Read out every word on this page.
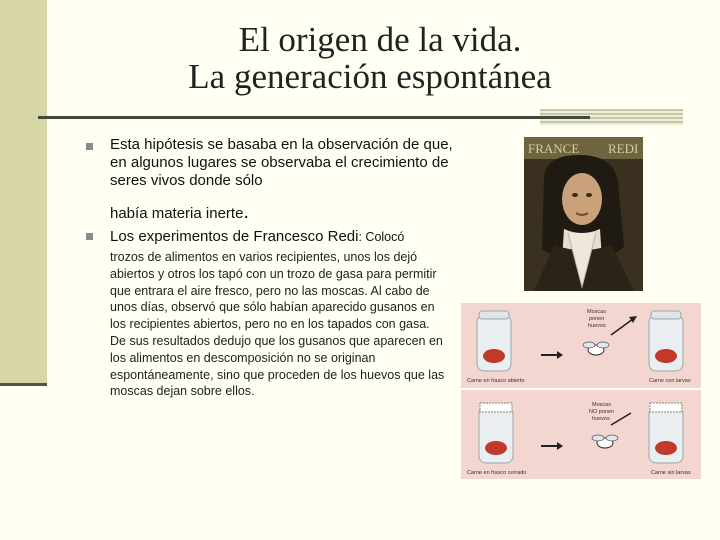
El origen de la vida.
La generación espontánea
Esta hipótesis se basaba en la observación de que, en algunos lugares se observaba el crecimiento de seres vivos donde sólo
había materia inerte.
Los experimentos de Francesco Redi: Colocó
trozos de alimentos en varios recipientes, unos los dejó abiertos y otros los tapó con un trozo de gasa para permitir que entrara el aire fresco, pero no las moscas. Al cabo de unos días, observó que sólo habían aparecido gusanos en los recipientes abiertos, pero no en los tapados con gasa. De sus resultados dedujo que los gusanos que aparecen en los alimentos en descomposición no se originan espontáneamente, sino que proceden de los huevos que las moscas dejan sobre ellos.
FRANCE REDI
Carne en frasco abierto
Moscas
ponen
huevos
Carne con larvas
Carne en frasco cerrado
Moscas
NO ponen
huevos
Carne sin larvas
